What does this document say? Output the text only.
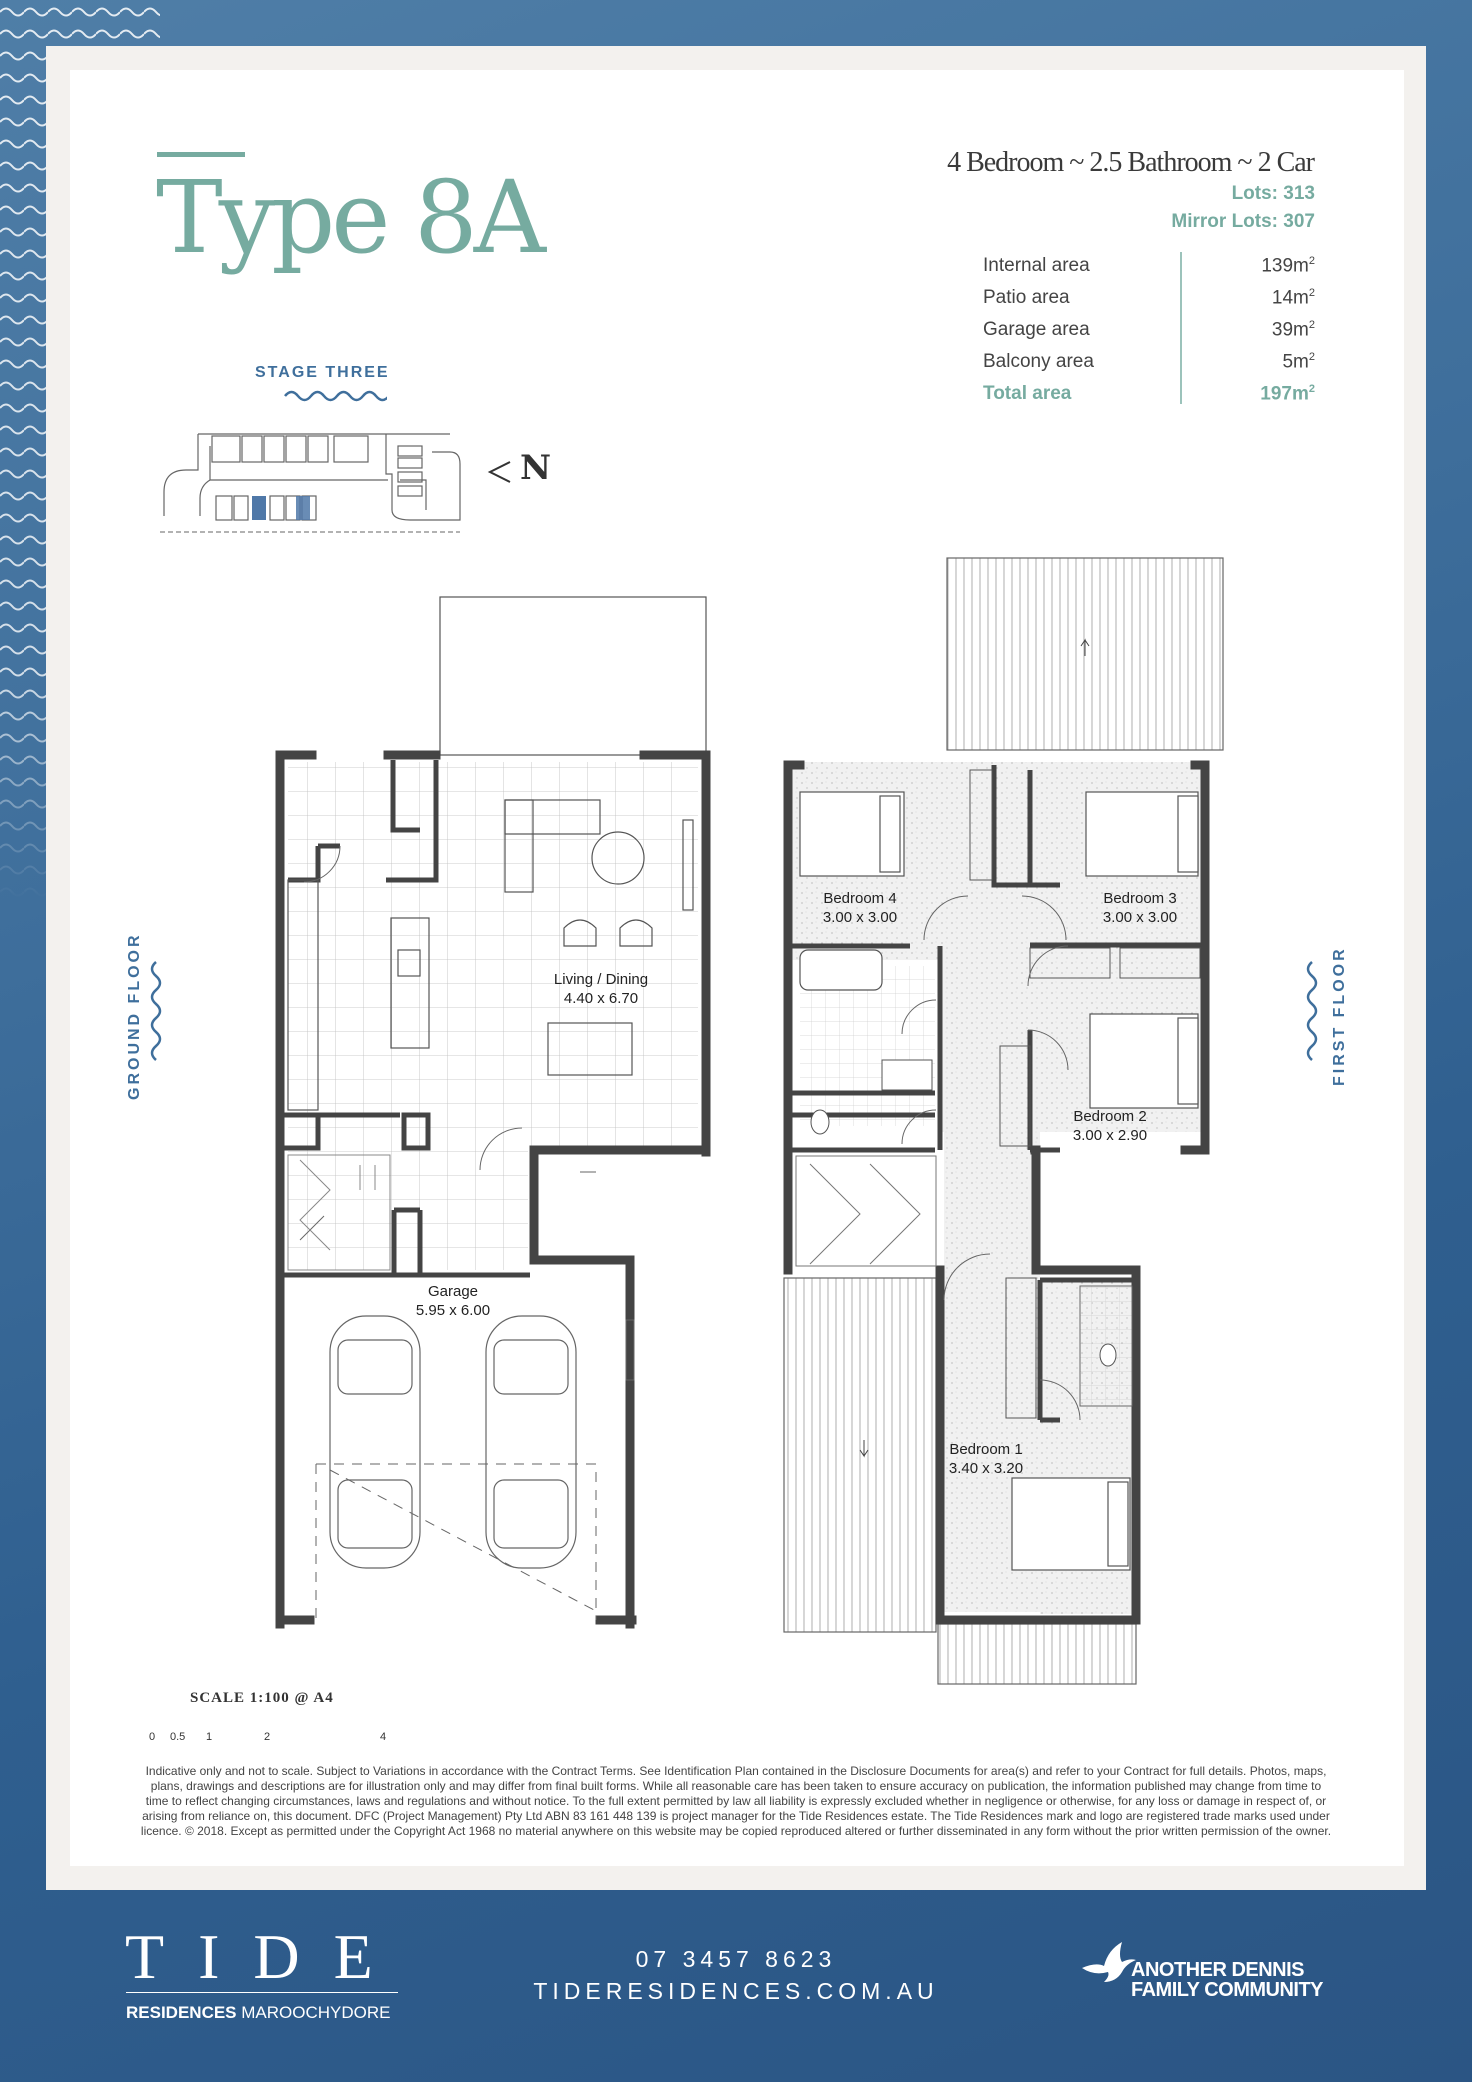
Type 8A	4 Bedroom ~ 2.5 Bathroom ~ 2 Car
Lots: 313
Mirror Lots: 307
Internal area	$139m^2$
Patio area	$14m^2$
Garage area	$39m^2$
Balcony area	$5m^2$
Total area	$197m^2$
STAGE THREE
N
GROUND FLOOR	FIRST FLOOR
Living / Dining
4.40 x 6.70
Garage
5.95 x 6.00
Bedroom 4
3.00 x 3.00
Bedroom 3
3.00 x 3.00
Bedroom 2
3.00 x 2.90
Bedroom 1
3.40 x 3.20
SCALE 1:100 @ A4
0 0.5 1	2	4
Indicative only and not to scale. Subject to Variations in accordance with the Contract Terms. See Identification Plan contained in the Disclosure Documents for area(s) and refer to your Contract for full details. Photos, maps, plans, drawings and descriptions are for illustration only and may differ from final built forms. While all reasonable care has been taken to ensure accuracy on publication, the information published may change from time to time to reflect changing circumstances, laws and regulations and without notice. To the full extent permitted by law all liability is expressly excluded whether in negligence or otherwise, for any loss or damage in respect of, or arising from reliance on, this document. DFC (Project Management) Pty Ltd ABN 83 161 448 139 is project manager for the Tide Residences estate. The Tide Residences mark and logo are registered trade marks used under licence. © 2018. Except as permitted under the Copyright Act 1968 no material anywhere on this website may be copied reproduced altered or further disseminated in any form without the prior written permission of the owner.
TIDE
RESIDENCES MAROOCHYDORE
07 3457 8623
TIDERESIDENCES.COM.AU
ANOTHER DENNIS
FAMILY COMMUNITY
